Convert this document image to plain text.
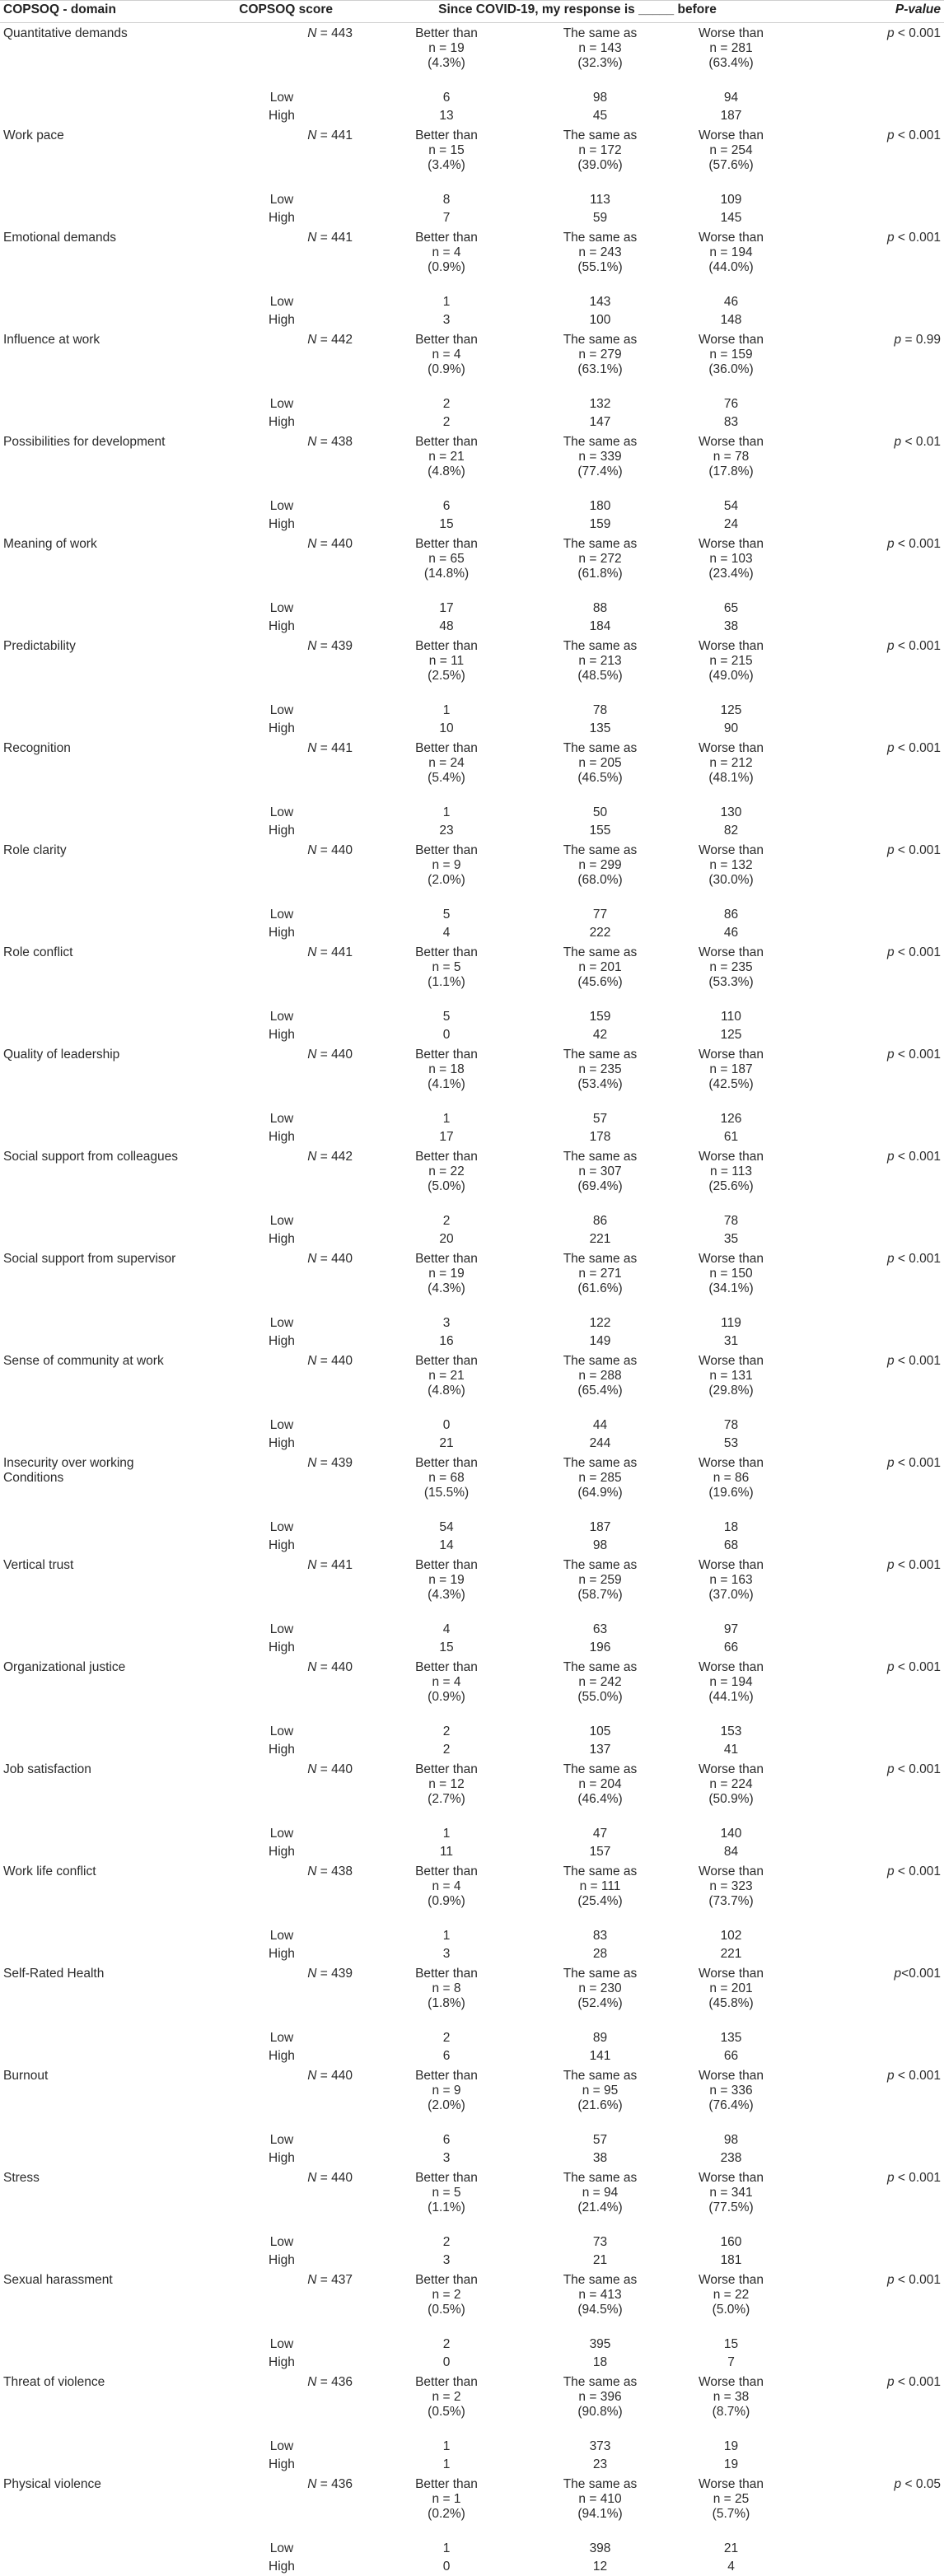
COPSOQ - domain	COPSOQ score	Since COVID-19, my response is _____ before			P-value
Quantitative demands	N = 443	Better than
n = 19
(4.3%)	The same as
n = 143
(32.3%)	Worse than
n = 281
(63.4%)	p < 0.001
	Low	6	98	94	
	High	13	45	187	
Work pace	N = 441	Better than
n = 15
(3.4%)	The same as
n = 172
(39.0%)	Worse than
n = 254
(57.6%)	p < 0.001
	Low	8	113	109	
	High	7	59	145	
Emotional demands	N = 441	Better than
n = 4
(0.9%)	The same as
n = 243
(55.1%)	Worse than
n = 194
(44.0%)	p < 0.001
	Low	1	143	46	
	High	3	100	148	
Influence at work	N = 442	Better than
n = 4
(0.9%)	The same as
n = 279
(63.1%)	Worse than
n = 159
(36.0%)	p = 0.99
	Low	2	132	76	
	High	2	147	83	
Possibilities for development	N = 438	Better than
n = 21
(4.8%)	The same as
n = 339
(77.4%)	Worse than
n = 78
(17.8%)	p < 0.01
	Low	6	180	54	
	High	15	159	24	
Meaning of work	N = 440	Better than
n = 65
(14.8%)	The same as
n = 272
(61.8%)	Worse than
n = 103
(23.4%)	p < 0.001
	Low	17	88	65	
	High	48	184	38	
Predictability	N = 439	Better than
n = 11
(2.5%)	The same as
n = 213
(48.5%)	Worse than
n = 215
(49.0%)	p < 0.001
	Low	1	78	125	
	High	10	135	90	
Recognition	N = 441	Better than
n = 24
(5.4%)	The same as
n = 205
(46.5%)	Worse than
n = 212
(48.1%)	p < 0.001
	Low	1	50	130	
	High	23	155	82	
Role clarity	N = 440	Better than
n = 9
(2.0%)	The same as
n = 299
(68.0%)	Worse than
n = 132
(30.0%)	p < 0.001
	Low	5	77	86	
	High	4	222	46	
Role conflict	N = 441	Better than
n = 5
(1.1%)	The same as
n = 201
(45.6%)	Worse than
n = 235
(53.3%)	p < 0.001
	Low	5	159	110	
	High	0	42	125	
Quality of leadership	N = 440	Better than
n = 18
(4.1%)	The same as
n = 235
(53.4%)	Worse than
n = 187
(42.5%)	p < 0.001
	Low	1	57	126	
	High	17	178	61	
Social support from colleagues	N = 442	Better than
n = 22
(5.0%)	The same as
n = 307
(69.4%)	Worse than
n = 113
(25.6%)	p < 0.001
	Low	2	86	78	
	High	20	221	35	
Social support from supervisor	N = 440	Better than
n = 19
(4.3%)	The same as
n = 271
(61.6%)	Worse than
n = 150
(34.1%)	p < 0.001
	Low	3	122	119	
	High	16	149	31	
Sense of community at work	N = 440	Better than
n = 21
(4.8%)	The same as
n = 288
(65.4%)	Worse than
n = 131
(29.8%)	p < 0.001
	Low	0	44	78	
	High	21	244	53	
Insecurity over working
Conditions	N = 439	Better than
n = 68
(15.5%)	The same as
n = 285
(64.9%)	Worse than
n = 86
(19.6%)	p < 0.001
	Low	54	187	18	
	High	14	98	68	
Vertical trust	N = 441	Better than
n = 19
(4.3%)	The same as
n = 259
(58.7%)	Worse than
n = 163
(37.0%)	p < 0.001
	Low	4	63	97	
	High	15	196	66	
Organizational justice	N = 440	Better than
n = 4
(0.9%)	The same as
n = 242
(55.0%)	Worse than
n = 194
(44.1%)	p < 0.001
	Low	2	105	153	
	High	2	137	41	
Job satisfaction	N = 440	Better than
n = 12
(2.7%)	The same as
n = 204
(46.4%)	Worse than
n = 224
(50.9%)	p < 0.001
	Low	1	47	140	
	High	11	157	84	
Work life conflict	N = 438	Better than
n = 4
(0.9%)	The same as
n = 111
(25.4%)	Worse than
n = 323
(73.7%)	p < 0.001
	Low	1	83	102	
	High	3	28	221	
Self-Rated Health	N = 439	Better than
n = 8
(1.8%)	The same as
n = 230
(52.4%)	Worse than
n = 201
(45.8%)	p<0.001
	Low	2	89	135	
	High	6	141	66	
Burnout	N = 440	Better than
n = 9
(2.0%)	The same as
n = 95
(21.6%)	Worse than
n = 336
(76.4%)	p < 0.001
	Low	6	57	98	
	High	3	38	238	
Stress	N = 440	Better than
n = 5
(1.1%)	The same as
n = 94
(21.4%)	Worse than
n = 341
(77.5%)	p < 0.001
	Low	2	73	160	
	High	3	21	181	
Sexual harassment	N = 437	Better than
n = 2
(0.5%)	The same as
n = 413
(94.5%)	Worse than
n = 22
(5.0%)	p < 0.001
	Low	2	395	15	
	High	0	18	7	
Threat of violence	N = 436	Better than
n = 2
(0.5%)	The same as
n = 396
(90.8%)	Worse than
n = 38
(8.7%)	p < 0.001
	Low	1	373	19	
	High	1	23	19	
Physical violence	N = 436	Better than
n = 1
(0.2%)	The same as
n = 410
(94.1%)	Worse than
n = 25
(5.7%)	p < 0.05
	Low	1	398	21	
	High	0	12	4	
